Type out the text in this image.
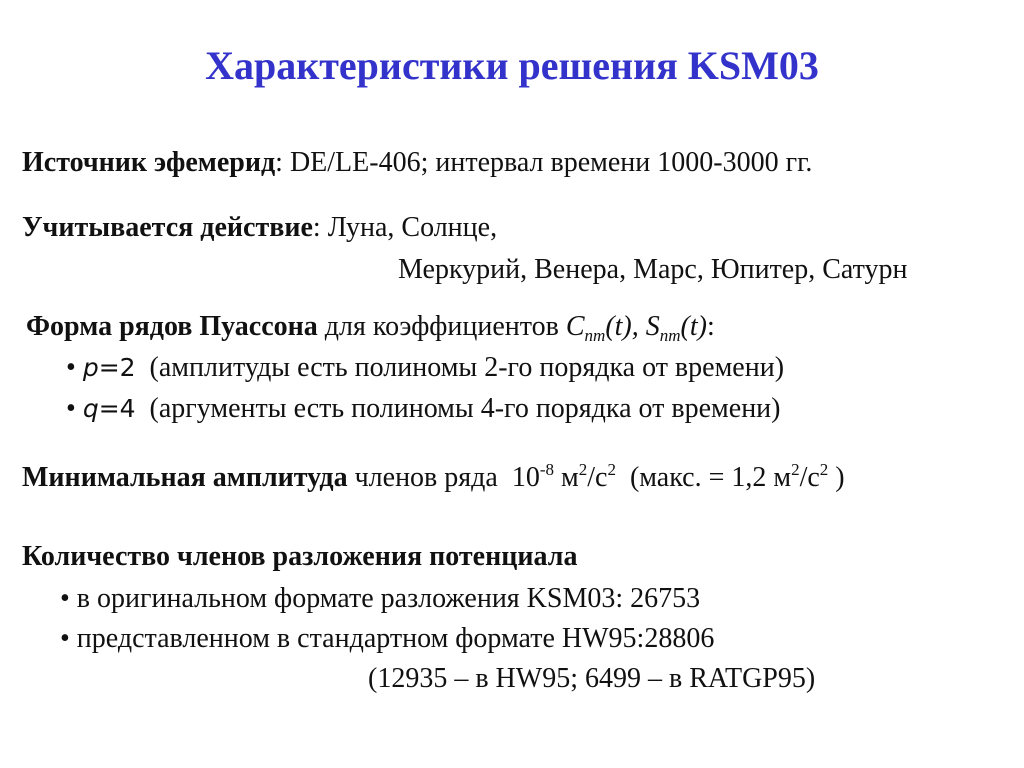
Характеристики решения KSM03
Источник эфемерид: DE/LE-406; интервал времени 1000-3000 гг.
Учитывается действие: Луна, Солнце,
Меркурий, Венера, Марс, Юпитер, Сатурн
Форма рядов Пуассона для коэффициентов $C_{nm}(t)$, $S_{nm}(t)$:
• p=2 (амплитуды есть полиномы 2-го порядка от времени)
• q=4 (аргументы есть полиномы 4-го порядка от времени)
Минимальная амплитуда членов ряда  $10^{-8}$ $м^2/с^2$ (макс. = 1,2 $м^2/с^2$ )
Количество членов разложения потенциала
• в оригинальном формате разложения KSM03: 26753
• представленном в стандартном формате HW95:28806
(12935 – в HW95; 6499 – в RATGP95)
